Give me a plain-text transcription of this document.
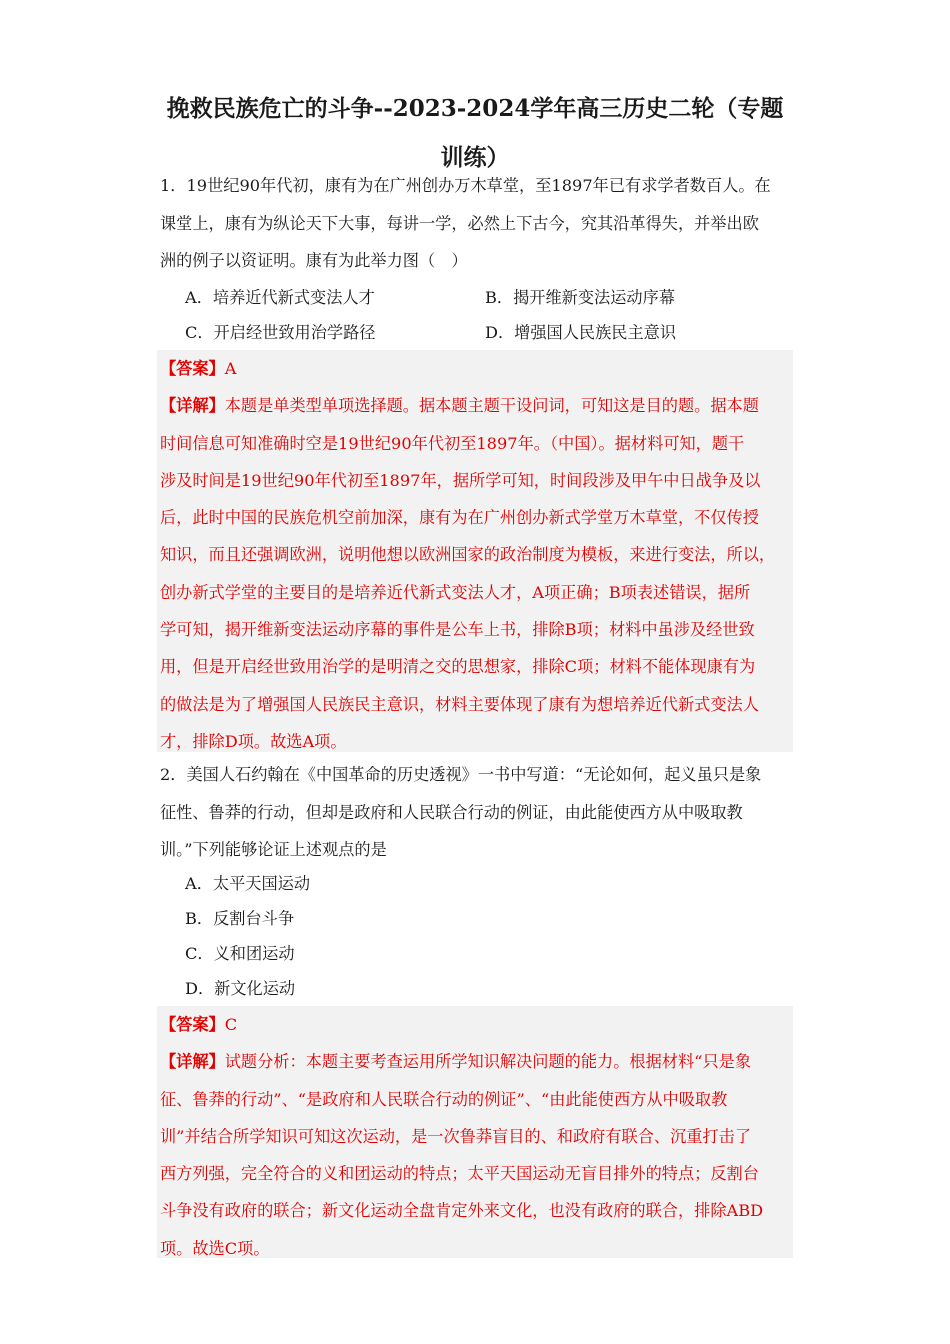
挽救民族危亡的斗争--2023-2024学年高三历史二轮（专题
训练）
1．19世纪90年代初，康有为在广州创办万木草堂，至1897年已有求学者数百人。在
课堂上，康有为纵论天下大事，每讲一学，必然上下古今，究其沿革得失，并举出欧
洲的例子以资证明。康有为此举力图（　）
A．培养近代新式变法人才	B．揭开维新变法运动序幕
C．开启经世致用治学路径	D．增强国人民族民主意识
【答案】A
【详解】本题是单类型单项选择题。据本题主题干设问词，可知这是目的题。据本题
时间信息可知准确时空是19世纪90年代初至1897年。（中国）。据材料可知，题干
涉及时间是19世纪90年代初至1897年，据所学可知，时间段涉及甲午中日战争及以
后，此时中国的民族危机空前加深，康有为在广州创办新式学堂万木草堂，不仅传授
知识，而且还强调欧洲，说明他想以欧洲国家的政治制度为模板，来进行变法，所以，
创办新式学堂的主要目的是培养近代新式变法人才，A项正确；B项表述错误，据所
学可知，揭开维新变法运动序幕的事件是公车上书，排除B项；材料中虽涉及经世致
用，但是开启经世致用治学的是明清之交的思想家，排除C项；材料不能体现康有为
的做法是为了增强国人民族民主意识，材料主要体现了康有为想培养近代新式变法人
才，排除D项。故选A项。
2．美国人石约翰在《中国革命的历史透视》一书中写道：“无论如何，起义虽只是象
征性、鲁莽的行动，但却是政府和人民联合行动的例证，由此能使西方从中吸取教
训。”下列能够论证上述观点的是
A．太平天国运动
B．反割台斗争
C．义和团运动
D．新文化运动
【答案】C
【详解】试题分析：本题主要考查运用所学知识解决问题的能力。根据材料“只是象
征、鲁莽的行动”、“是政府和人民联合行动的例证”、“由此能使西方从中吸取教
训”并结合所学知识可知这次运动，是一次鲁莽盲目的、和政府有联合、沉重打击了
西方列强，完全符合的义和团运动的特点；太平天国运动无盲目排外的特点；反割台
斗争没有政府的联合；新文化运动全盘肯定外来文化，也没有政府的联合，排除ABD
项。故选C项。
